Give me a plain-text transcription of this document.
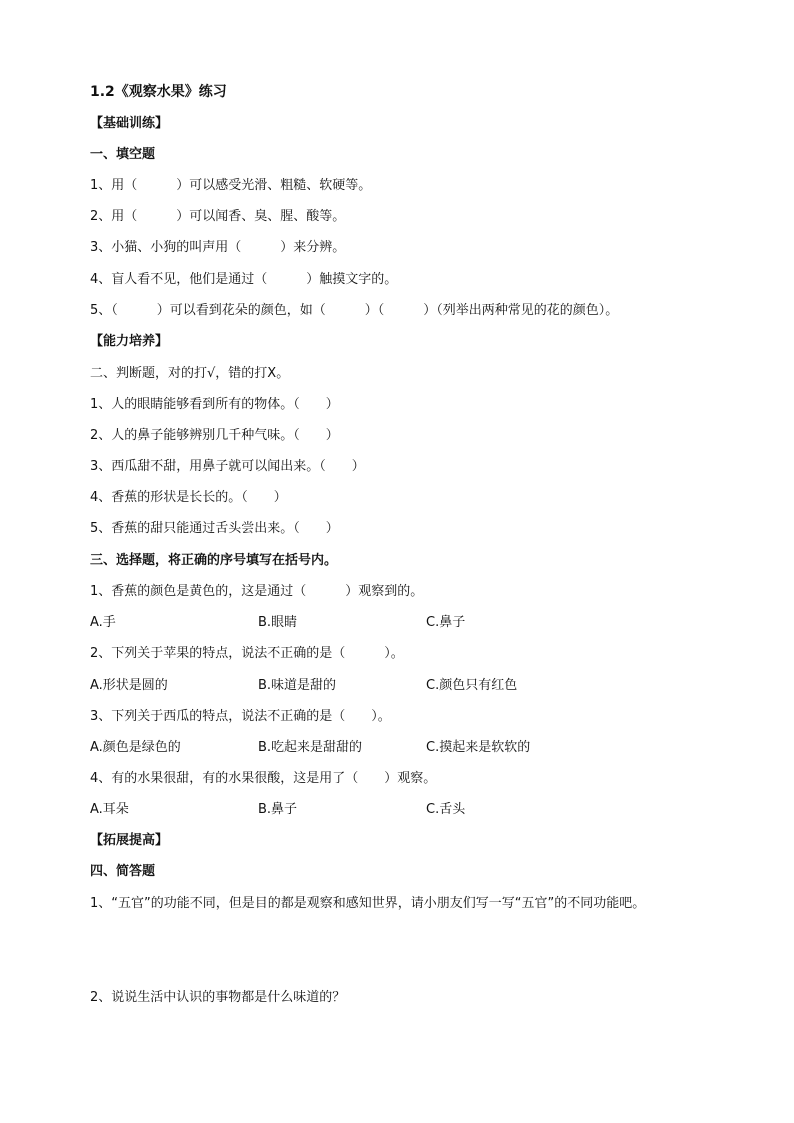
1.2《观察水果》练习
【基础训练】
一、填空题
1、用（　　　）可以感受光滑、粗糙、软硬等。
2、用（　　　）可以闻香、臭、腥、酸等。
3、小猫、小狗的叫声用（　　　）来分辨。
4、盲人看不见，他们是通过（　　　）触摸文字的。
5、（　　　）可以看到花朵的颜色，如（　　　）（　　　）（列举出两种常见的花的颜色）。
【能力培养】
二、判断题，对的打√，错的打X。
1、人的眼睛能够看到所有的物体。（　　）
2、人的鼻子能够辨别几千种气味。（　　）
3、西瓜甜不甜，用鼻子就可以闻出来。（　　）
4、香蕉的形状是长长的。（　　）
5、香蕉的甜只能通过舌头尝出来。（　　）
三、选择题，将正确的序号填写在括号内。
1、香蕉的颜色是黄色的，这是通过（　　　）观察到的。
A.手	B.眼睛	C.鼻子
2、下列关于苹果的特点，说法不正确的是（　　　）。
A.形状是圆的	B.味道是甜的	C.颜色只有红色
3、下列关于西瓜的特点，说法不正确的是（　　）。
A.颜色是绿色的	B.吃起来是甜甜的	C.摸起来是软软的
4、有的水果很甜，有的水果很酸，这是用了（　　）观察。
A.耳朵	B.鼻子	C.舌头
【拓展提高】
四、简答题
1、“五官”的功能不同，但是目的都是观察和感知世界，请小朋友们写一写“五官”的不同功能吧。
2、说说生活中认识的事物都是什么味道的？
